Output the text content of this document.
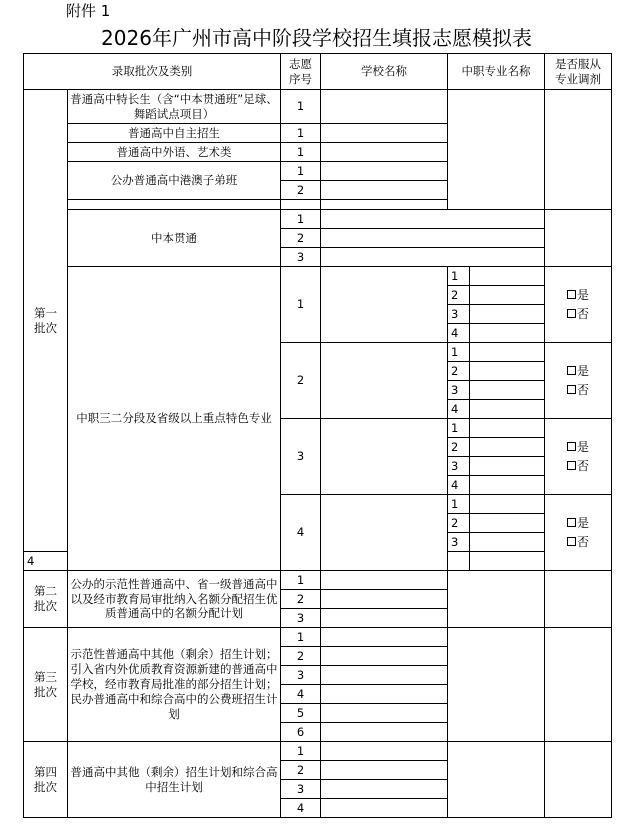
附件 1
2026年广州市高中阶段学校招生填报志愿模拟表
录取批次及类别		志愿序号	学校名称	中职专业名称		是否服从专业调剂
第一批次	普通高中特长生（含“中本贯通班”足球、舞蹈试点项目）	1				
	普通高中自主招生	1				
	普通高中外语、艺术类	1				
	公办普通高中港澳子弟班	1				
		2				

	中本贯通	1				
		2				
		3				
	中职三二分段及省级以上重点特色专业	1		1		是
否

				2		
				3		
				4		
		2		1		是
否

				2		
				3		
				4		
		3		1		是
否

				2		
				3		
				4		
		4		1		是
否

				2		
				3		
4						
第二批次	公办的示范性普通高中、省一级普通高中以及经市教育局审批纳入名额分配招生优质普通高中的名额分配计划	1				
		2				
		3				
第三批次	示范性普通高中其他（剩余）招生计划；引入省内外优质教育资源新建的普通高中学校，经市教育局批准的部分招生计划；民办普通高中和综合高中的公费班招生计划	1				
		2				
		3				
		4				
		5				
		6				
第四批次	普通高中其他（剩余）招生计划和综合高中招生计划	1				
		2				
		3				
		4				
